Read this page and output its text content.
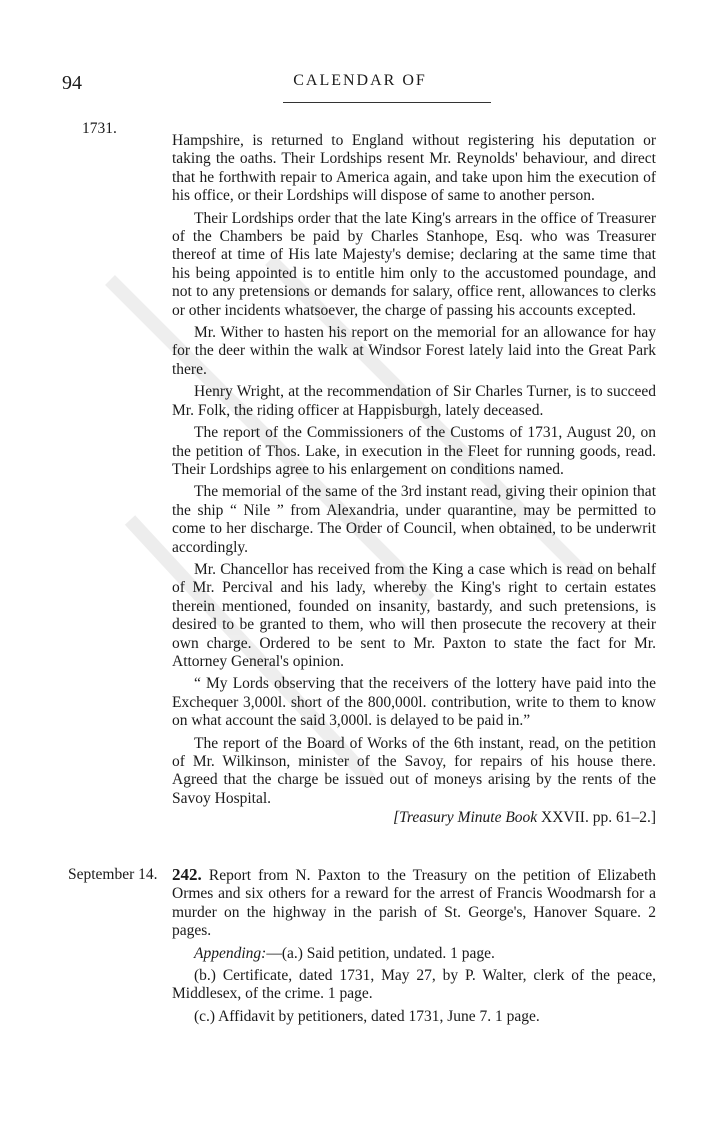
94	CALENDAR OF
1731.

Hampshire, is returned to England without registering his deputation or taking the oaths. Their Lordships resent Mr. Reynolds' behaviour, and direct that he forthwith repair to America again, and take upon him the execution of his office, or their Lordships will dispose of same to another person.

Their Lordships order that the late King's arrears in the office of Treasurer of the Chambers be paid by Charles Stanhope, Esq. who was Treasurer thereof at time of His late Majesty's demise; declaring at the same time that his being appointed is to entitle him only to the accustomed poundage, and not to any pretensions or demands for salary, office rent, allowances to clerks or other incidents whatsoever, the charge of passing his accounts excepted.

Mr. Wither to hasten his report on the memorial for an allowance for hay for the deer within the walk at Windsor Forest lately laid into the Great Park there.

Henry Wright, at the recommendation of Sir Charles Turner, is to succeed Mr. Folk, the riding officer at Happisburgh, lately deceased.

The report of the Commissioners of the Customs of 1731, August 20, on the petition of Thos. Lake, in execution in the Fleet for running goods, read. Their Lordships agree to his enlargement on conditions named.

The memorial of the same of the 3rd instant read, giving their opinion that the ship “ Nile ” from Alexandria, under quarantine, may be permitted to come to her discharge. The Order of Council, when obtained, to be underwrit accordingly.

Mr. Chancellor has received from the King a case which is read on behalf of Mr. Percival and his lady, whereby the King's right to certain estates therein mentioned, founded on insanity, bastardy, and such pretensions, is desired to be granted to them, who will then prosecute the recovery at their own charge. Ordered to be sent to Mr. Paxton to state the fact for Mr. Attorney General's opinion.

“ My Lords observing that the receivers of the lottery have paid into the Exchequer 3,000l. short of the 800,000l. contribution, write to them to know on what account the said 3,000l. is delayed to be paid in.”

The report of the Board of Works of the 6th instant, read, on the petition of Mr. Wilkinson, minister of the Savoy, for repairs of his house there. Agreed that the charge be issued out of moneys arising by the rents of the Savoy Hospital.

[Treasury Minute Book XXVII. pp. 61–2.]
September 14. 242. Report from N. Paxton to the Treasury on the petition of Elizabeth Ormes and six others for a reward for the arrest of Francis Woodmarsh for a murder on the highway in the parish of St. George's, Hanover Square. 2 pages.

Appending:—(a.) Said petition, undated. 1 page.

(b.) Certificate, dated 1731, May 27, by P. Walter, clerk of the peace, Middlesex, of the crime. 1 page.

(c.) Affidavit by petitioners, dated 1731, June 7. 1 page.
